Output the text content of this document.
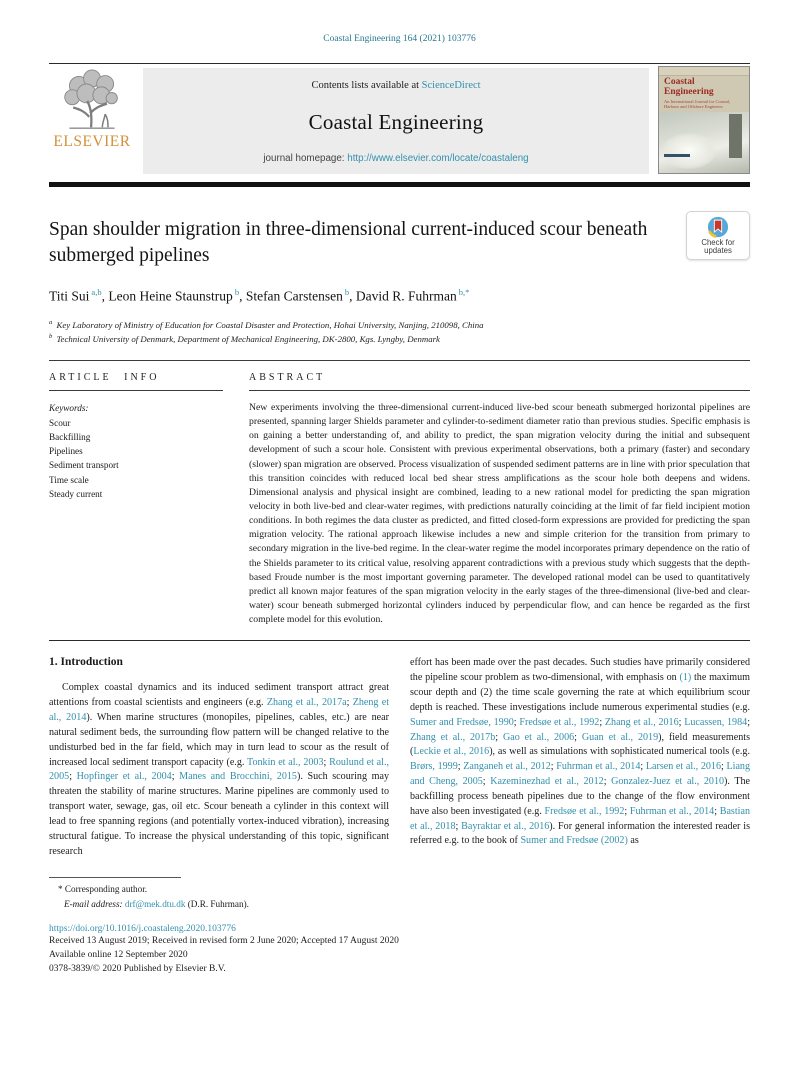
Coastal Engineering 164 (2021) 103776
ELSEVIER
Contents lists available at ScienceDirect
Coastal Engineering
journal homepage: http://www.elsevier.com/locate/coastaleng
Coastal Engineering
An International Journal for Coastal, Harbour and Offshore Engineers
Span shoulder migration in three-dimensional current-induced scour beneath submerged pipelines
Check for updates
Titi Sui $^{a,b}$, Leon Heine Staunstrup $^b$, Stefan Carstensen $^b$, David R. Fuhrman $^{b,*}$
$^a$ Key Laboratory of Ministry of Education for Coastal Disaster and Protection, Hohai University, Nanjing, 210098, China
$^b$ Technical University of Denmark, Department of Mechanical Engineering, DK-2800, Kgs. Lyngby, Denmark
ARTICLE INFO
Keywords:
Scour
Backfilling
Pipelines
Sediment transport
Time scale
Steady current
ABSTRACT

New experiments involving the three-dimensional current-induced live-bed scour beneath submerged horizontal pipelines are presented, spanning larger Shields parameter and cylinder-to-sediment diameter ratio than previous studies. Specific emphasis is on gaining a better understanding of, and ability to predict, the span migration velocity during the initial and subsequent development of such a scour hole. Consistent with previous experimental observations, both a primary (faster) and secondary (slower) span migration are observed. Process visualization of suspended sediment patterns are in line with prior speculation that this transition coincides with reduced local bed shear stress amplifications as the scour hole both deepens and widens. Dimensional analysis and physical insight are combined, leading to a new rational model for predicting the span migration velocity in both live-bed and clear-water regimes, with predictions naturally coinciding at the limit of far field incipient motion conditions. In both regimes the data cluster as predicted, and fitted closed-form expressions are provided for predicting the span migration velocity. The rational approach likewise includes a new and simple criterion for the transition from primary to secondary migration in the live-bed regime. In the clear-water regime the model incorporates primary dependence on the ratio of the Shields parameter to its critical value, resolving apparent contradictions with a previous study which suggests that the depth-based Froude number is the most important governing parameter. The developed rational model can be used to quantitatively predict all known major features of the span migration velocity in the early stages of the three-dimensional (live-bed and clear-water) scour beneath submerged horizontal cylinders induced by perpendicular flow, and can hence be regarded as the first complete model for this evolution.

1. Introduction

Complex coastal dynamics and its induced sediment transport attract great attentions from coastal scientists and engineers (e.g. Zhang et al., 2017a; Zheng et al., 2014). When marine structures (monopiles, pipelines, cables, etc.) are near natural sediment beds, the surrounding flow pattern will be changed relative to the undisturbed bed in the far field, which may in turn lead to scour as the result of increased local sediment transport capacity (e.g. Tonkin et al., 2003; Roulund et al., 2005; Hopfinger et al., 2004; Manes and Brocchini, 2015). Such scouring may threaten the stability of marine structures. Marine pipelines are commonly used to transport water, sewage, gas, oil etc. Scour beneath a cylinder in this context will lead to free spanning regions (and potentially vortex-induced vibration), increasing structural fatigue. To increase the physical understanding of this topic, significant research

effort has been made over the past decades. Such studies have primarily considered the pipeline scour problem as two-dimensional, with emphasis on (1) the maximum scour depth and (2) the time scale governing the rate at which equilibrium scour depth is reached. These investigations include numerous experimental studies (e.g. Sumer and Fredsøe, 1990; Fredsøe et al., 1992; Zhang et al., 2016; Lucassen, 1984; Zhang et al., 2017b; Gao et al., 2006; Guan et al., 2019), field measurements (Leckie et al., 2016), as well as simulations with sophisticated numerical tools (e.g. Brørs, 1999; Zanganeh et al., 2012; Fuhrman et al., 2014; Larsen et al., 2016; Liang and Cheng, 2005; Kazeminezhad et al., 2012; Gonzalez-Juez et al., 2010). The backfilling process beneath pipelines due to the change of the flow environment have also been investigated (e.g. Fredsøe et al., 1992; Fuhrman et al., 2014; Bastian et al., 2018; Bayraktar et al., 2016). For general information the interested reader is referred e.g. to the book of Sumer and Fredsøe (2002) as

* Corresponding author.
E-mail address: drf@mek.dtu.dk (D.R. Fuhrman).
https://doi.org/10.1016/j.coastaleng.2020.103776
Received 13 August 2019; Received in revised form 2 June 2020; Accepted 17 August 2020
Available online 12 September 2020
0378-3839/© 2020 Published by Elsevier B.V.
